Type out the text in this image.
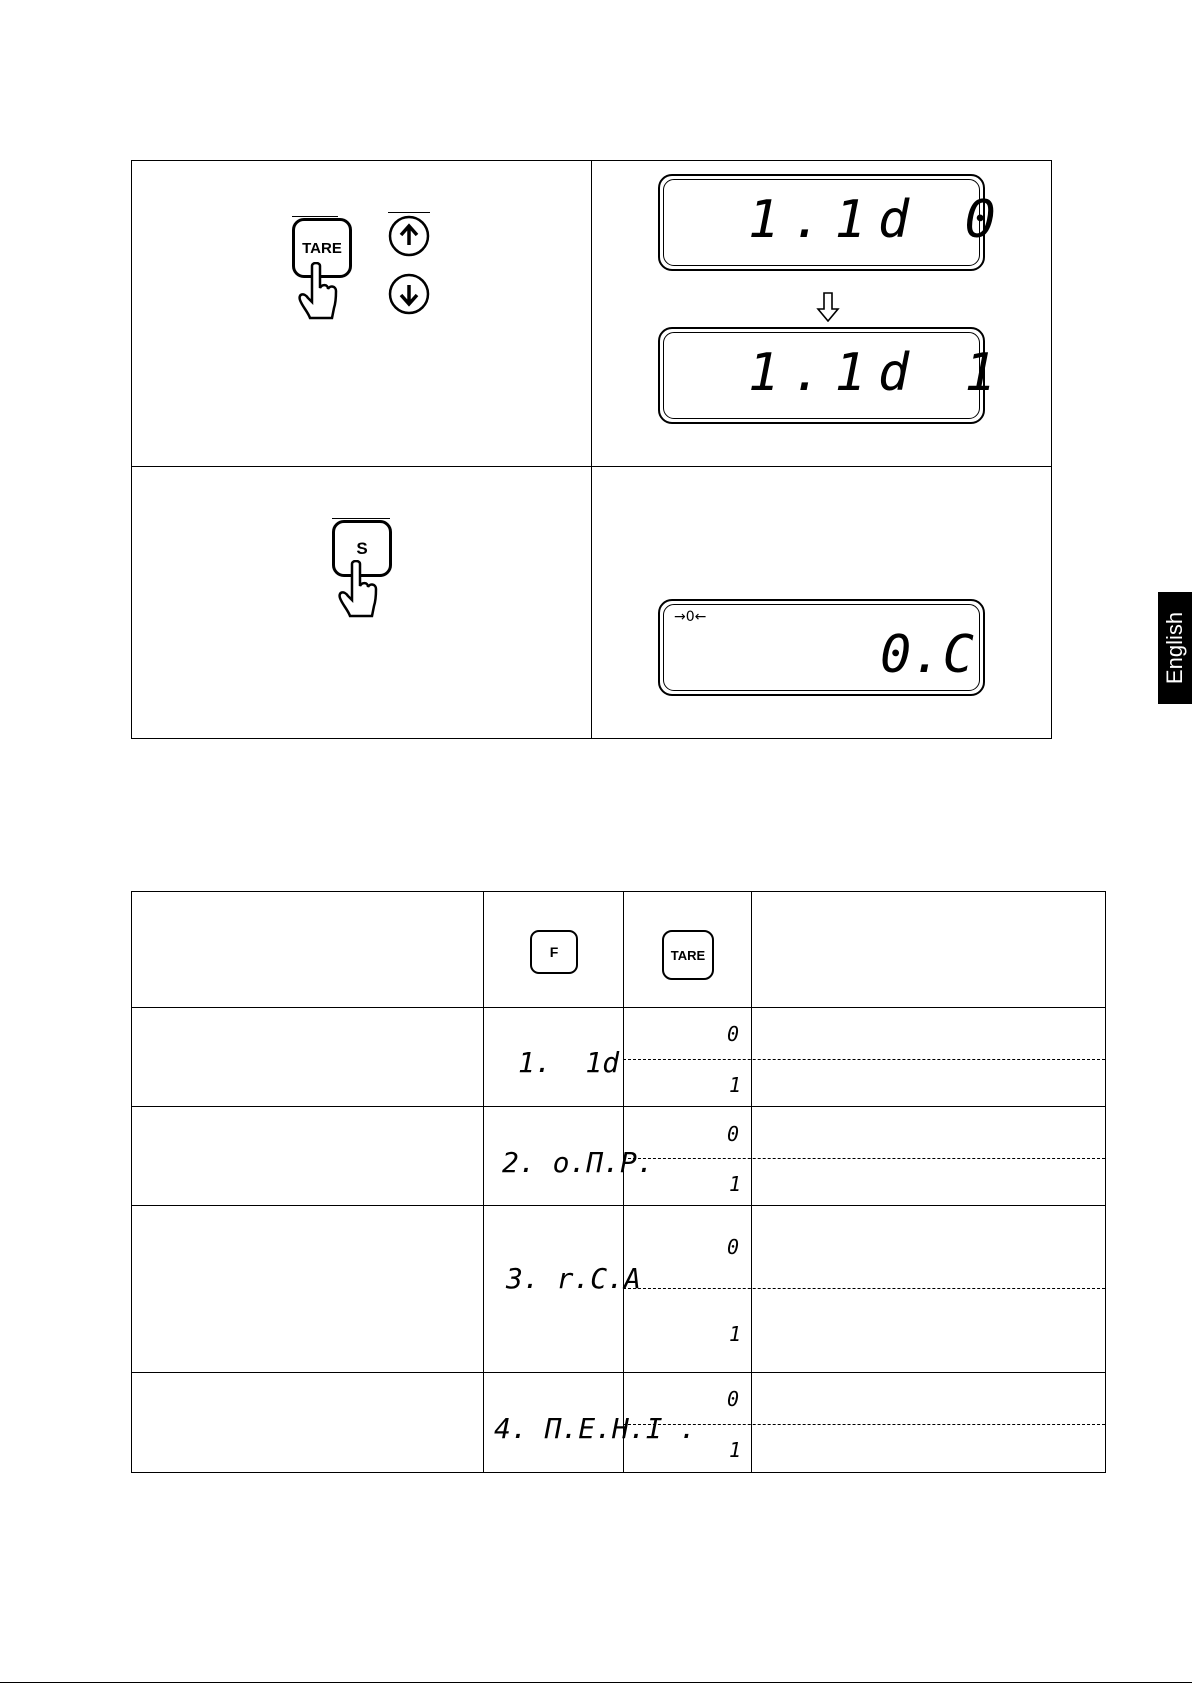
TARE	1.1d 0
1.1d 1
S
→0←
0.C
F	TARE
1.  1d
0
1
2. o.Π.P.
0
1
3. r.C.A
0
1
4. Π.E.H.I .
0
1
English
